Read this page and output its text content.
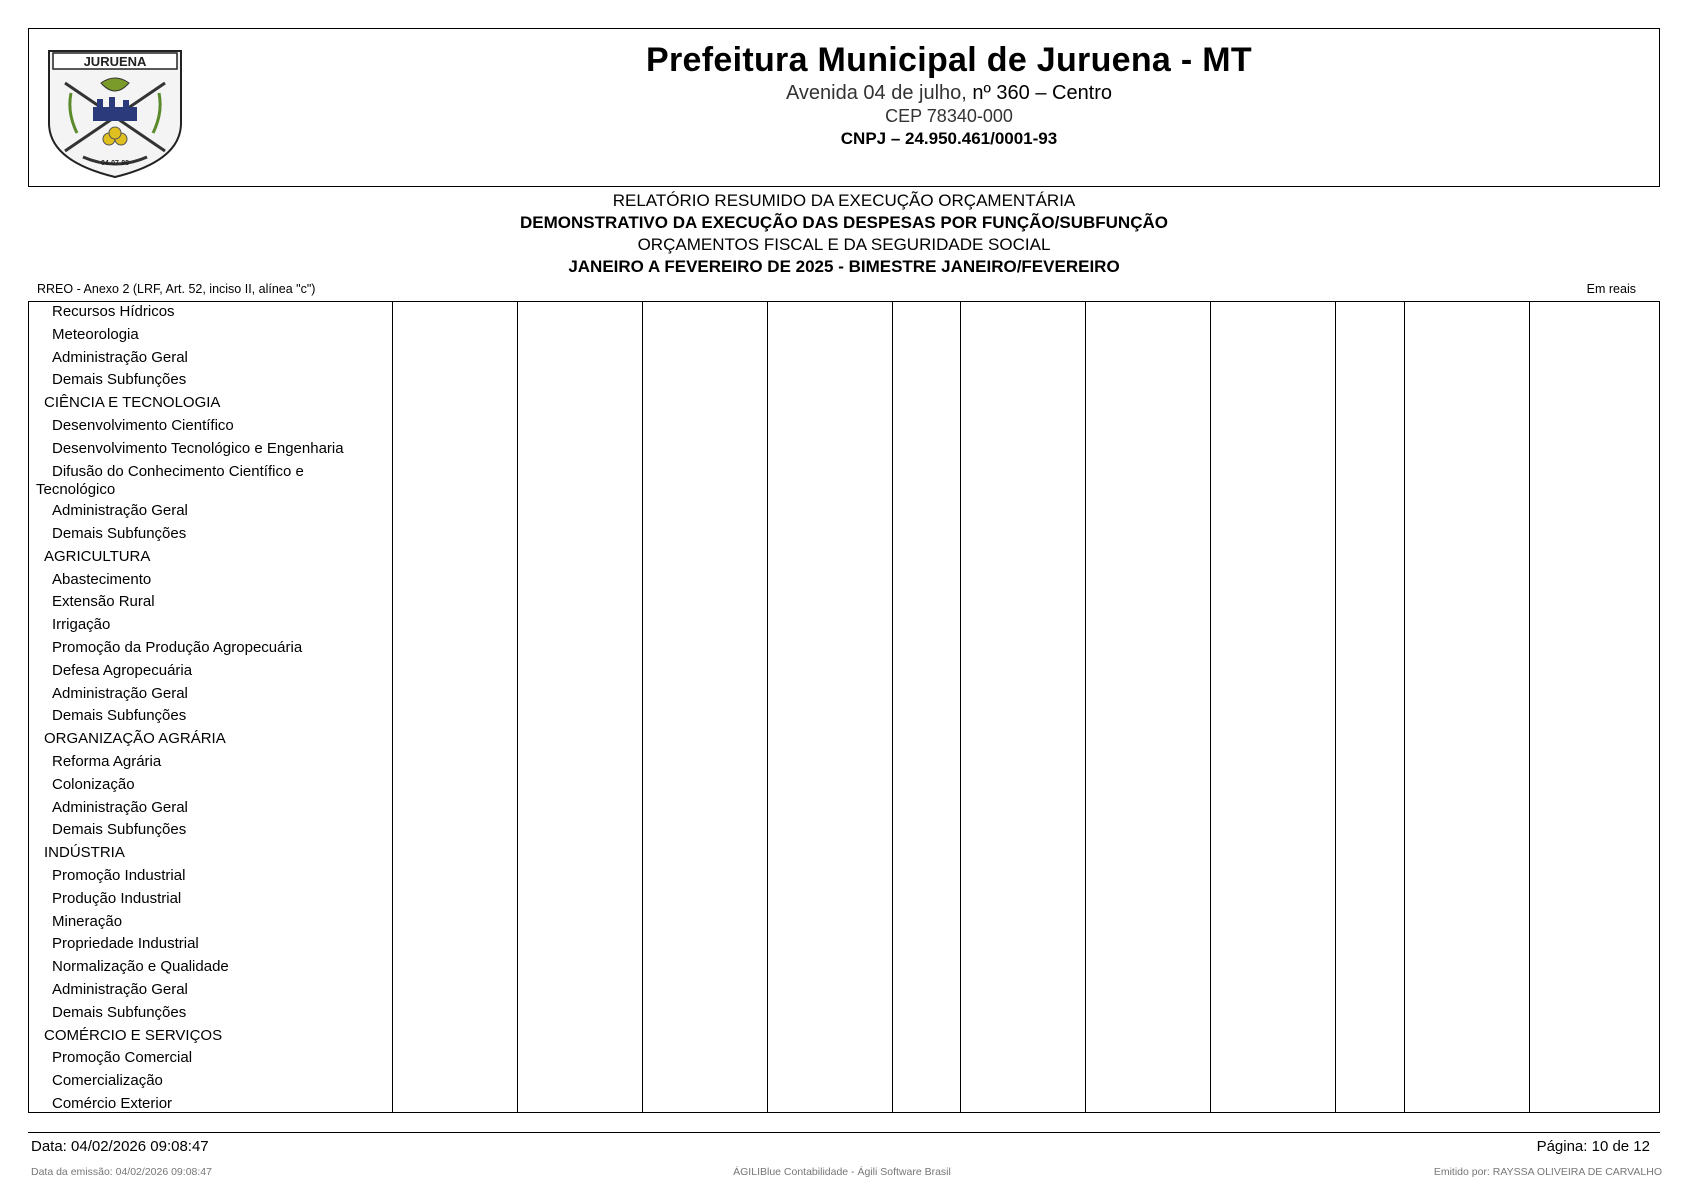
JURUENA
04-07-88
Prefeitura Municipal de Juruena - MT
Avenida 04 de julho, nº 360 – Centro
CEP 78340-000
CNPJ – 24.950.461/0001-93
RELATÓRIO RESUMIDO DA EXECUÇÃO ORÇAMENTÁRIA
DEMONSTRATIVO DA EXECUÇÃO DAS DESPESAS POR FUNÇÃO/SUBFUNÇÃO
ORÇAMENTOS FISCAL E DA SEGURIDADE SOCIAL
JANEIRO A FEVEREIRO DE 2025 - BIMESTRE JANEIRO/FEVEREIRO
RREO - Anexo 2 (LRF, Art. 52, inciso II, alínea "c")	Em reais
Recursos Hídricos
Meteorologia
Administração Geral
Demais Subfunções
CIÊNCIA E TECNOLOGIA
Desenvolvimento Científico
Desenvolvimento Tecnológico e Engenharia
Difusão do Conhecimento Científico e Tecnológico
Administração Geral
Demais Subfunções
AGRICULTURA
Abastecimento
Extensão Rural
Irrigação
Promoção da Produção Agropecuária
Defesa Agropecuária
Administração Geral
Demais Subfunções
ORGANIZAÇÃO AGRÁRIA
Reforma Agrária
Colonização
Administração Geral
Demais Subfunções
INDÚSTRIA
Promoção Industrial
Produção Industrial
Mineração
Propriedade Industrial
Normalização e Qualidade
Administração Geral
Demais Subfunções
COMÉRCIO E SERVIÇOS
Promoção Comercial
Comercialização
Comércio Exterior
Data: 04/02/2026 09:08:47	Página: 10 de 12
Data da emissão: 04/02/2026 09:08:47	ÁGILIBlue Contabilidade - Ágili Software Brasil	Emitido por: RAYSSA OLIVEIRA DE CARVALHO
